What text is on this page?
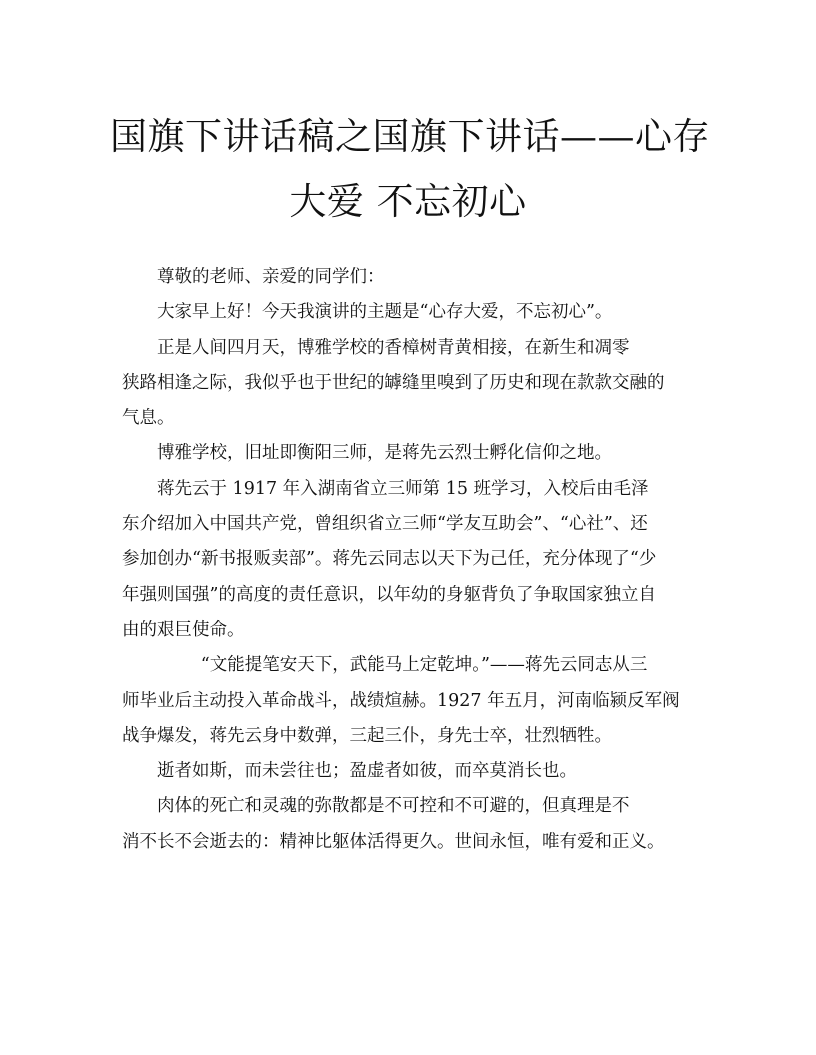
国旗下讲话稿之国旗下讲话——心存
大爱 不忘初心

尊敬的老师、亲爱的同学们：

大家早上好！今天我演讲的主题是“心存大爱，不忘初心”。

正是人间四月天，博雅学校的香樟树青黄相接，在新生和凋零
狭路相逢之际，我似乎也于世纪的罅缝里嗅到了历史和现在款款交融的
气息。

博雅学校，旧址即衡阳三师，是蒋先云烈士孵化信仰之地。

蒋先云于 1917 年入湖南省立三师第 15 班学习，入校后由毛泽
东介绍加入中国共产党，曾组织省立三师“学友互助会”、“心社”、还
参加创办“新书报贩卖部”。蒋先云同志以天下为己任，充分体现了“少
年强则国强”的高度的责任意识，以年幼的身躯背负了争取国家独立自
由的艰巨使命。

“文能提笔安天下，武能马上定乾坤。”——蒋先云同志从三
师毕业后主动投入革命战斗，战绩煊赫。1927 年五月，河南临颍反军阀
战争爆发，蒋先云身中数弹，三起三仆，身先士卒，壮烈牺牲。

逝者如斯，而未尝往也；盈虚者如彼，而卒莫消长也。

肉体的死亡和灵魂的弥散都是不可控和不可避的，但真理是不
消不长不会逝去的：精神比躯体活得更久。世间永恒，唯有爱和正义。
